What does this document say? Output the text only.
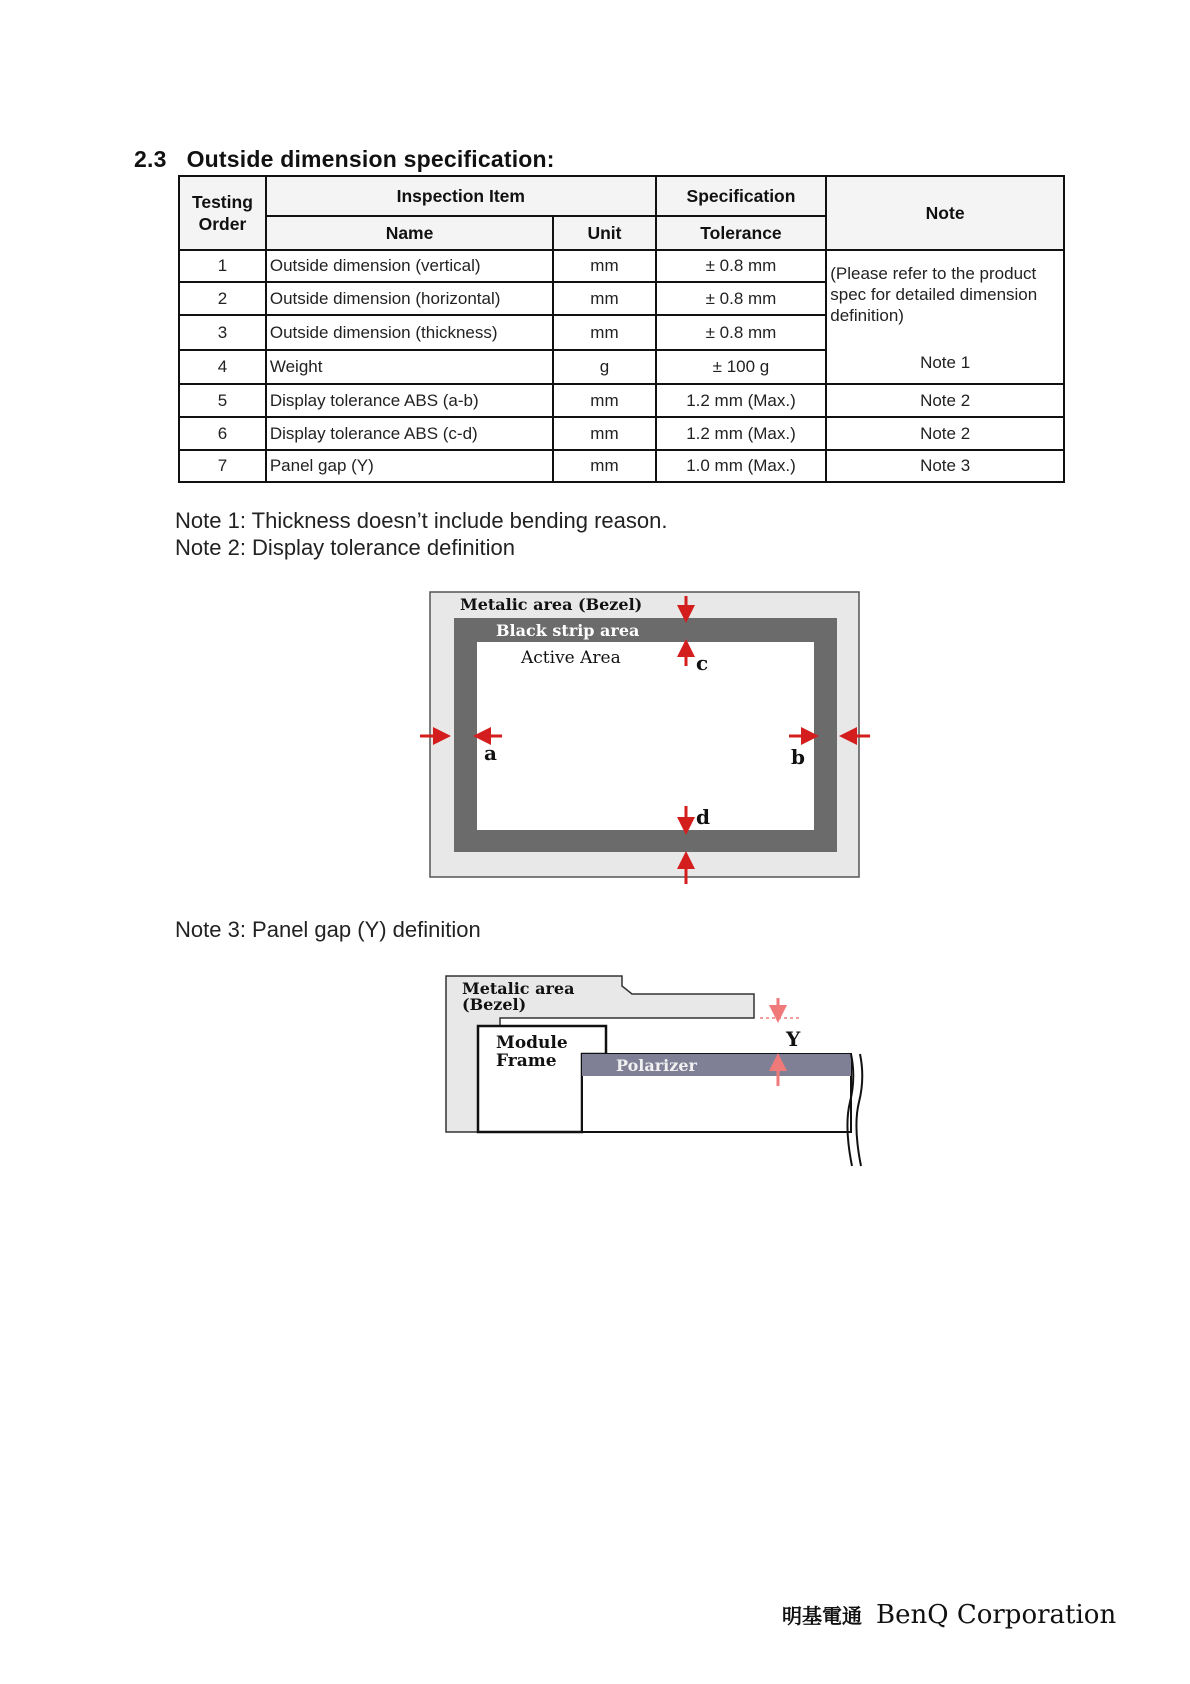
2.3 Outside dimension specification:
Testing Order	Inspection Item		Specification	Note
	Name	Unit	Tolerance	
1	Outside dimension (vertical)	mm	± 0.8 mm	(Please refer to the product spec for detailed dimension definition)
Note 1

2	Outside dimension (horizontal)	mm	± 0.8 mm	
3	Outside dimension (thickness)	mm	± 0.8 mm	
4	Weight	g	± 100 g	
5	Display tolerance ABS (a-b)	mm	1.2 mm (Max.)	Note 2
6	Display tolerance ABS (c-d)	mm	1.2 mm (Max.)	Note 2
7	Panel gap (Y)	mm	1.0 mm (Max.)	Note 3
Note 1: Thickness doesn’t include bending reason.
Note 2: Display tolerance definition
Metalic area (Bezel)
Black strip area
Active Area	c
a	b
d
Note 3: Panel gap (Y) definition
Metalic area
(Bezel)
Module
Frame	Polarizer
Y
明基電通 BenQ Corporation
